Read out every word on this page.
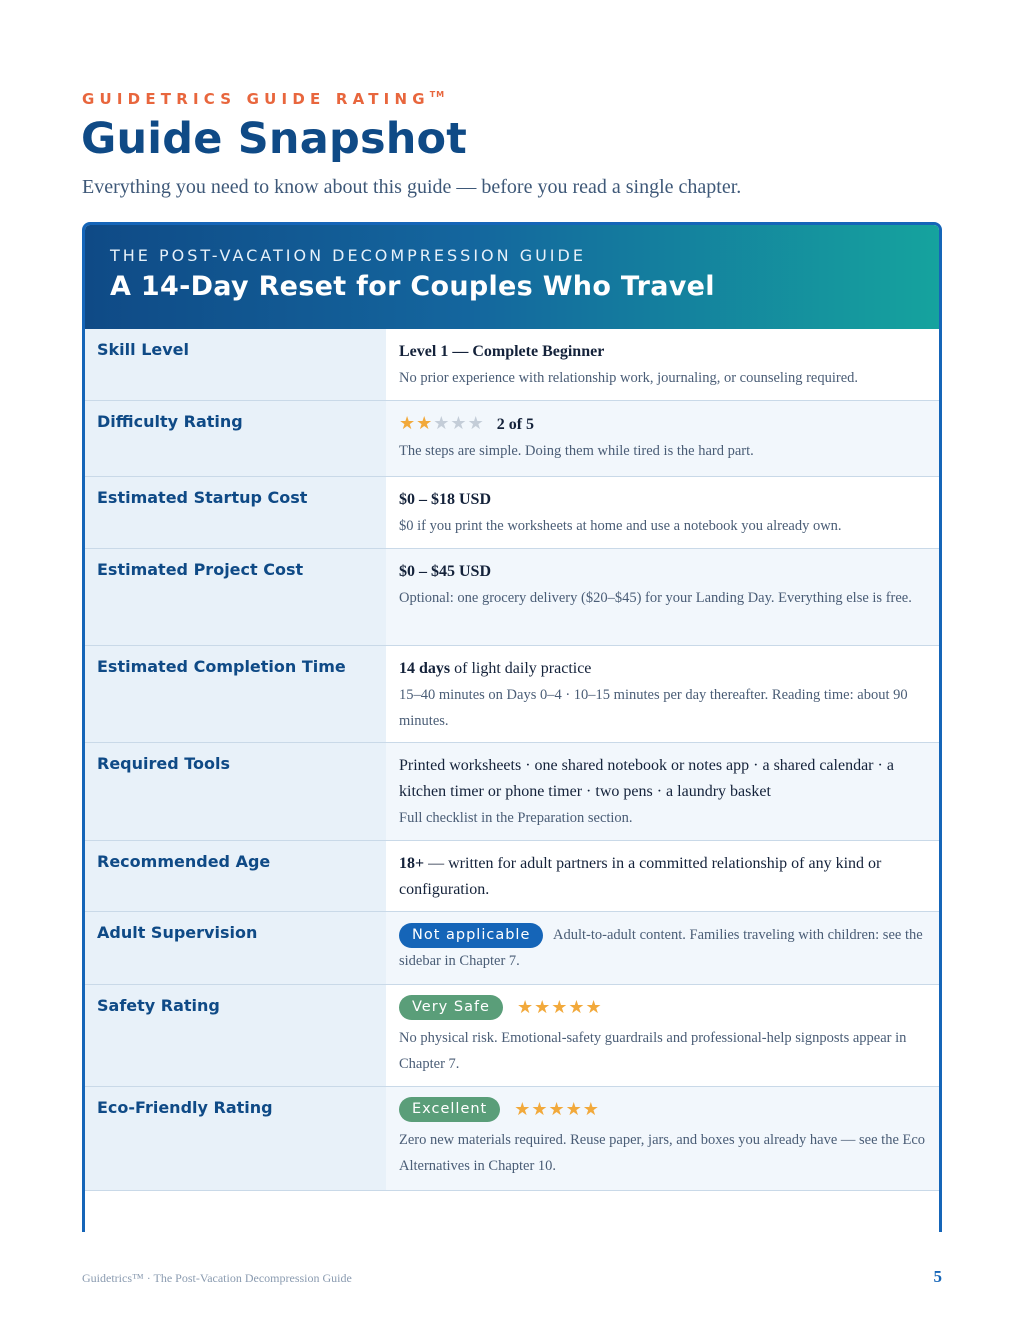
GUIDETRICS GUIDE RATING™
Guide Snapshot

Everything you need to know about this guide — before you read a single chapter.

THE POST-VACATION DECOMPRESSION GUIDE
A 14-Day Reset for Couples Who Travel
Skill Level	Level 1 — Complete Beginner
No prior experience with relationship work, journaling, or counseling required.
Difficulty Rating	★★★★★ 2 of 5
The steps are simple. Doing them while tired is the hard part.
Estimated Startup Cost	$0 – $18 USD
$0 if you print the worksheets at home and use a notebook you already own.
Estimated Project Cost	$0 – $45 USD
Optional: one grocery delivery ($20–$45) for your Landing Day. Everything else is free.
Estimated Completion Time	14 days of light daily practice
15–40 minutes on Days 0–4 · 10–15 minutes per day thereafter. Reading time: about 90 minutes.
Required Tools	Printed worksheets · one shared notebook or notes app · a shared calendar · a kitchen timer or phone timer · two pens · a laundry basket
Full checklist in the Preparation section.
Recommended Age	18+ — written for adult partners in a committed relationship of any kind or configuration.
Adult Supervision	Not applicable Adult-to-adult content. Families traveling with children: see the sidebar in Chapter 7.
Safety Rating	Very Safe ★★★★★
No physical risk. Emotional-safety guardrails and professional-help signposts appear in Chapter 7.
Eco-Friendly Rating	Excellent ★★★★★
Zero new materials required. Reuse paper, jars, and boxes you already have — see the Eco Alternatives in Chapter 10.
Guidetrics™ · The Post-Vacation Decompression Guide	5
